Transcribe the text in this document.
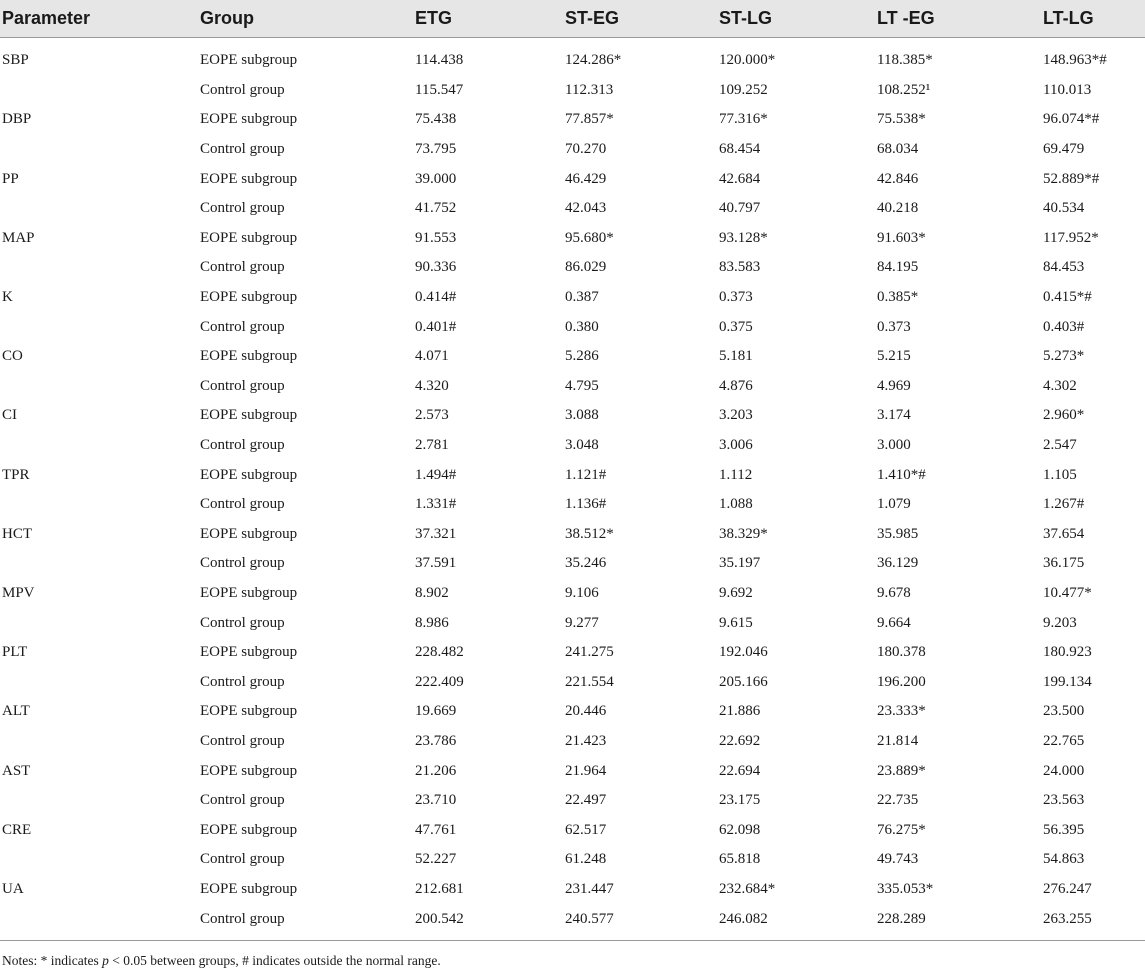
Parameter	Group	ETG	ST-EG	ST-LG	LT -EG	LT-LG
SBP	EOPE subgroup	114.438	124.286*	120.000*	118.385*	148.963*#
	Control group	115.547	112.313	109.252	108.252¹	110.013
DBP	EOPE subgroup	75.438	77.857*	77.316*	75.538*	96.074*#
	Control group	73.795	70.270	68.454	68.034	69.479
PP	EOPE subgroup	39.000	46.429	42.684	42.846	52.889*#
	Control group	41.752	42.043	40.797	40.218	40.534
MAP	EOPE subgroup	91.553	95.680*	93.128*	91.603*	117.952*
	Control group	90.336	86.029	83.583	84.195	84.453
K	EOPE subgroup	0.414#	0.387	0.373	0.385*	0.415*#
	Control group	0.401#	0.380	0.375	0.373	0.403#
CO	EOPE subgroup	4.071	5.286	5.181	5.215	5.273*
	Control group	4.320	4.795	4.876	4.969	4.302
CI	EOPE subgroup	2.573	3.088	3.203	3.174	2.960*
	Control group	2.781	3.048	3.006	3.000	2.547
TPR	EOPE subgroup	1.494#	1.121#	1.112	1.410*#	1.105
	Control group	1.331#	1.136#	1.088	1.079	1.267#
HCT	EOPE subgroup	37.321	38.512*	38.329*	35.985	37.654
	Control group	37.591	35.246	35.197	36.129	36.175
MPV	EOPE subgroup	8.902	9.106	9.692	9.678	10.477*
	Control group	8.986	9.277	9.615	9.664	9.203
PLT	EOPE subgroup	228.482	241.275	192.046	180.378	180.923
	Control group	222.409	221.554	205.166	196.200	199.134
ALT	EOPE subgroup	19.669	20.446	21.886	23.333*	23.500
	Control group	23.786	21.423	22.692	21.814	22.765
AST	EOPE subgroup	21.206	21.964	22.694	23.889*	24.000
	Control group	23.710	22.497	23.175	22.735	23.563
CRE	EOPE subgroup	47.761	62.517	62.098	76.275*	56.395
	Control group	52.227	61.248	65.818	49.743	54.863
UA	EOPE subgroup	212.681	231.447	232.684*	335.053*	276.247
	Control group	200.542	240.577	246.082	228.289	263.255
Notes: * indicates p < 0.05 between groups, # indicates outside the normal range.
